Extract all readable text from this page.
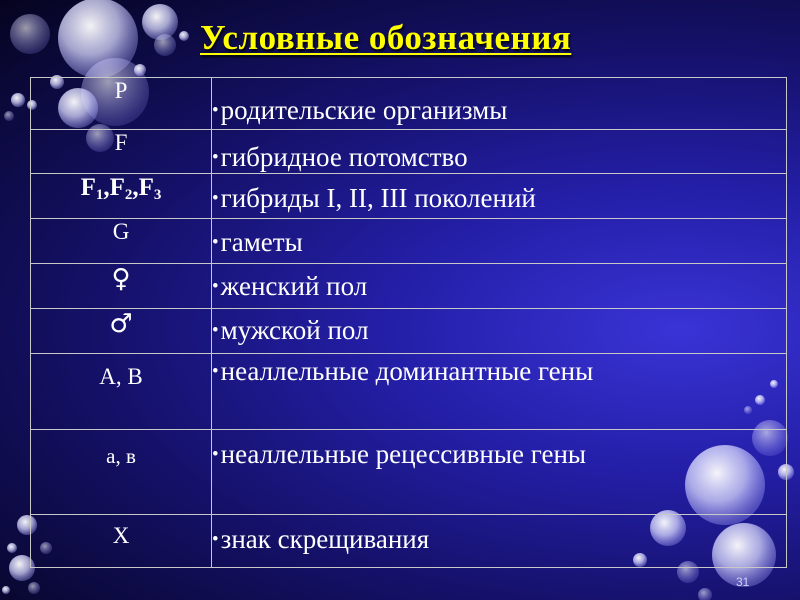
Условные обозначения
P	• родительские организмы

F	• гибридное потомство

$F_1,F_2,F_3$	• гибриды I, II, III поколений

G	• гаметы

♀	• женский пол

♂	• мужской пол

А, В	• неаллельные доминантные гены

а, в	• неаллельные рецессивные гены

Х	• знак скрещивания
31
